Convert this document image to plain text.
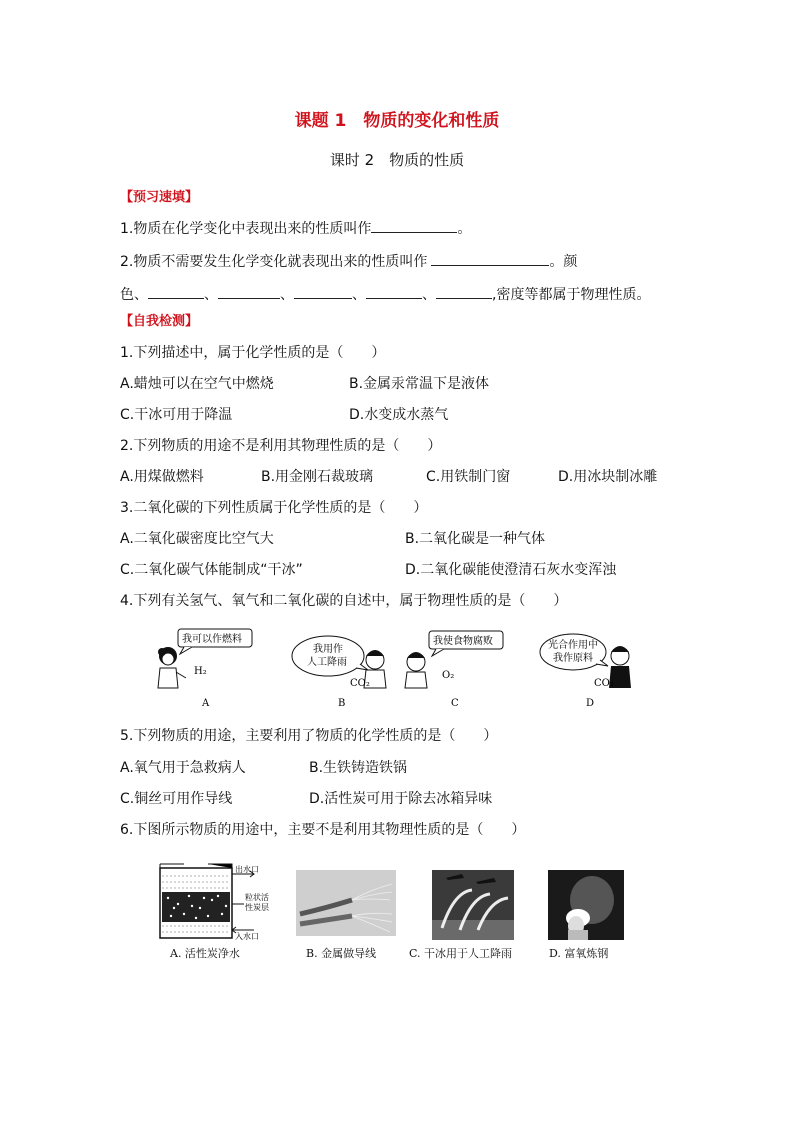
课题 1　物质的变化和性质
课时 2　物质的性质
【预习速填】
1.物质在化学变化中表现出来的性质叫作	。
2.物质不需要发生化学变化就表现出来的性质叫作	。颜
色、	、	、	、	、	,密度等都属于物理性质。
【自我检测】
1.下列描述中，属于化学性质的是（　　）
A.蜡烛可以在空气中燃烧	B.金属汞常温下是液体
C.干冰可用于降温	D.水变成水蒸气
2.下列物质的用途不是利用其物理性质的是（　　）
A.用煤做燃料	B.用金刚石裁玻璃	C.用铁制门窗	D.用冰块制冰雕
3.二氧化碳的下列性质属于化学性质的是（　　）
A.二氧化碳密度比空气大	B.二氧化碳是一种气体
C.二氧化碳气体能制成“干冰”	D.二氧化碳能使澄清石灰水变浑浊
4.下列有关氢气、氧气和二氧化碳的自述中，属于物理性质的是（　　）
我可以作燃料
H₂
A
我用作
人工降雨
CO₂
B
我使食物腐败
O₂
C
光合作用中
我作原料
CO₂
D
5.下列物质的用途，主要利用了物质的化学性质的是（　　）
A.氧气用于急救病人	B.生铁铸造铁锅
C.铜丝可用作导线	D.活性炭可用于除去冰箱异味
6.下图所示物质的用途中，主要不是利用其物理性质的是（　　）
出水口
粒状活
性炭层
入水口
A. 活性炭净水	B. 金属做导线	C. 干冰用于人工降雨	D. 富氧炼钢
